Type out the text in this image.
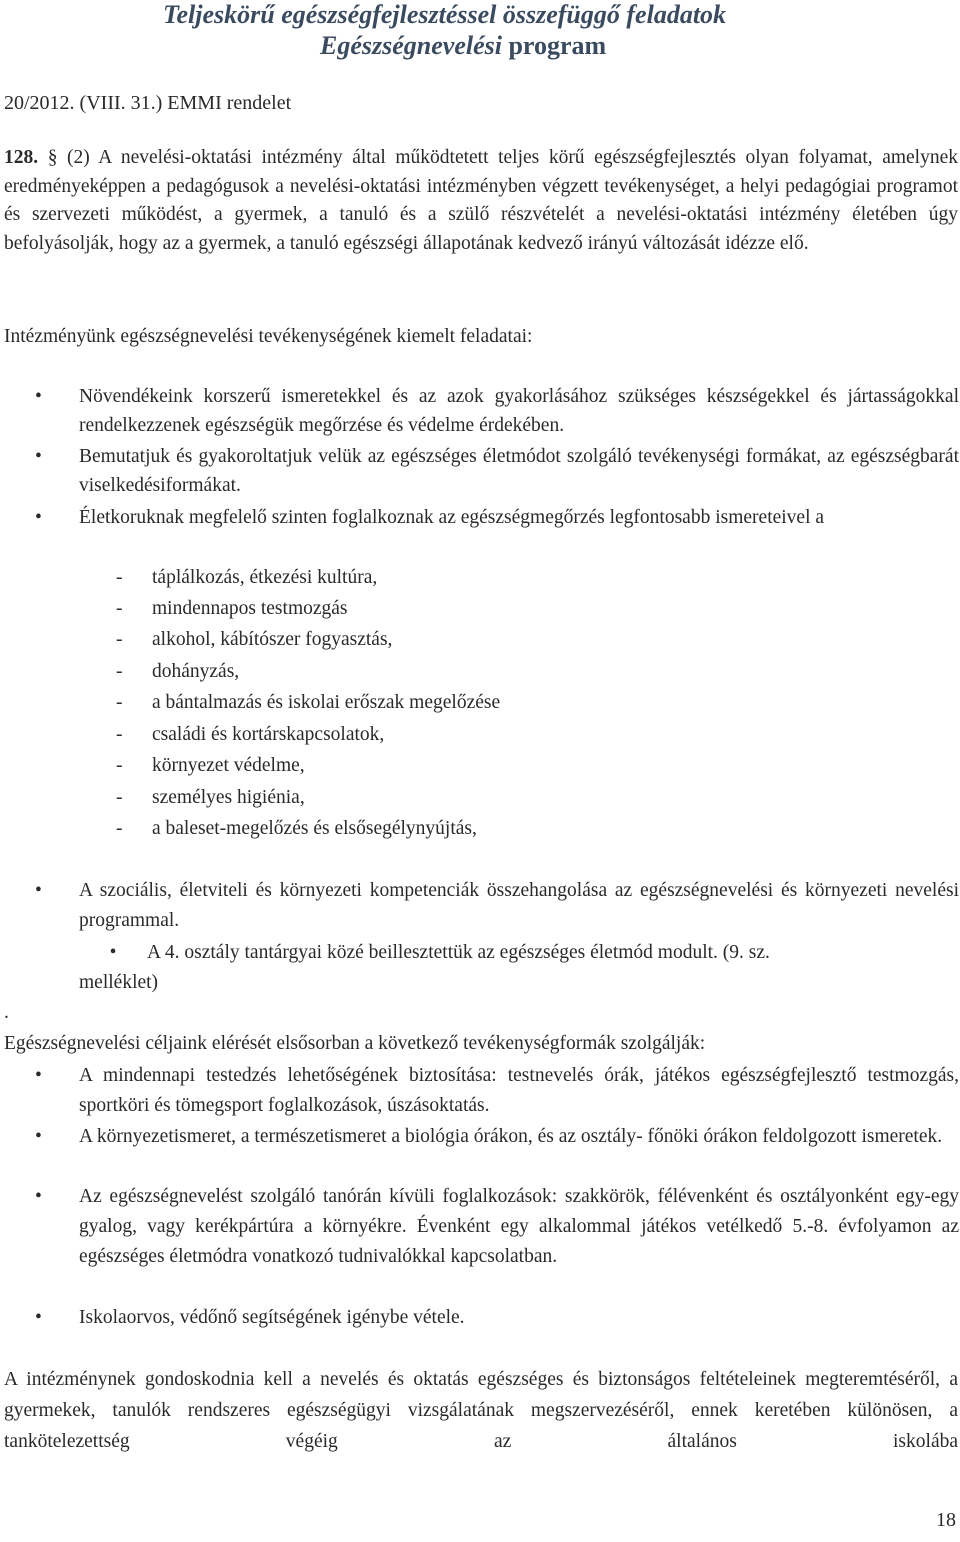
Teljeskörű egészségfejlesztéssel összefüggő feladatok
Egészségnevelési program
20/2012. (VIII. 31.) EMMI rendelet

128. § (2) A nevelési-oktatási intézmény által működtetett teljes körű egészségfejlesztés olyan folyamat, amelynek eredményeképpen a pedagógusok a nevelési-oktatási intézményben végzett tevékenységet, a helyi pedagógiai programot és szervezeti működést, a gyermek, a tanuló és a szülő részvételét a nevelési-oktatási intézmény életében úgy befolyásolják, hogy az a gyermek, a tanuló egészségi állapotának kedvező irányú változását idézze elő.

Intézményünk egészségnevelési tevékenységének kiemelt feladatai:

• Növendékeink korszerű ismeretekkel és az azok gyakorlásához szükséges készségekkel és jártasságokkal rendelkezzenek egészségük megőrzése és védelme érdekében.
• Bemutatjuk és gyakoroltatjuk velük az egészséges életmódot szolgáló tevékenységi formákat, az egészségbarát viselkedésiformákat.
• Életkoruknak megfelelő szinten foglalkoznak az egészségmegőrzés legfontosabb ismereteivel a
- táplálkozás, étkezési kultúra,
- mindennapos testmozgás
- alkohol, kábítószer fogyasztás,
- dohányzás,
- a bántalmazás és iskolai erőszak megelőzése
- családi és kortárskapcsolatok,
- környezet védelme,
- személyes higiénia,
- a baleset-megelőzés és elsősegélynyújtás,
• A szociális, életviteli és környezeti kompetenciák összehangolása az egészségnevelési és környezeti nevelési programmal.
• A 4. osztály tantárgyai közé beillesztettük az egészséges életmód modult. (9. sz.
melléklet)
.

Egészségnevelési céljaink elérését elsősorban a következő tevékenységformák szolgálják:

• A mindennapi testedzés lehetőségének biztosítása: testnevelés órák, játékos egészségfejlesztő testmozgás, sportköri és tömegsport foglalkozások, úszásoktatás.
• A környezetismeret, a természetismeret a biológia órákon, és az osztály- főnöki órákon feldolgozott ismeretek.
• Az egészségnevelést szolgáló tanórán kívüli foglalkozások: szakkörök, félévenként és osztályonként egy-egy gyalog, vagy kerékpártúra a környékre. Évenként egy alkalommal játékos vetélkedő 5.-8. évfolyamon az egészséges életmódra vonatkozó tudnivalókkal kapcsolatban.
• Iskolaorvos, védőnő segítségének igénybe vétele.

A intézménynek gondoskodnia kell a nevelés és oktatás egészséges és biztonságos feltételeinek megteremtéséről, a gyermekek, tanulók rendszeres egészségügyi vizsgálatának megszervezéséről, ennek keretében különösen, a tankötelezettség végéig az általános iskolába

18
